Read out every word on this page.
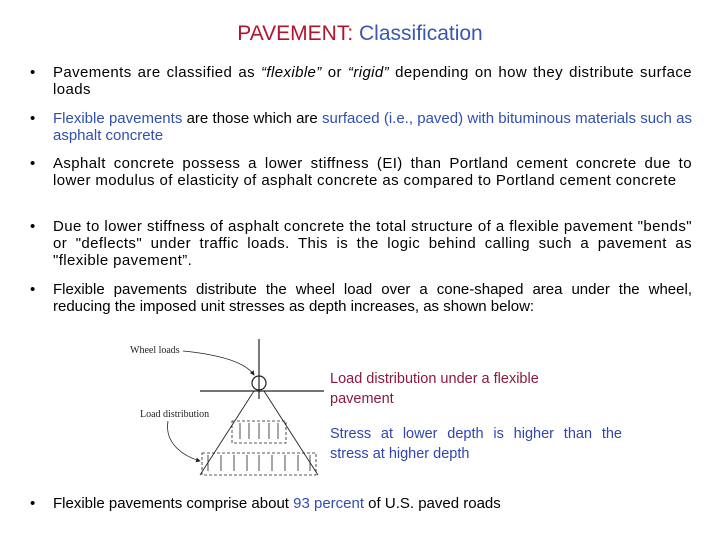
PAVEMENT: Classification
• Pavements are classified as “flexible” or “rigid” depending on how they distribute surface loads
• Flexible pavements are those which are surfaced (i.e., paved) with bituminous materials such as asphalt concrete
• Asphalt concrete possess a lower stiffness (EI) than Portland cement concrete due to lower modulus of elasticity of asphalt concrete as compared to Portland cement concrete
• Due to lower stiffness of asphalt concrete the total structure of a flexible pavement "bends" or "deflects" under traffic loads. This is the logic behind calling such a pavement as "flexible pavement”.
• Flexible pavements distribute the wheel load over a cone-shaped area under the wheel, reducing the imposed unit stresses as depth increases, as shown below:
Wheel loads
Load distribution
Load distribution under a flexible pavement
Stress at lower depth is higher than the stress at higher depth
• Flexible pavements comprise about 93 percent of U.S. paved roads
